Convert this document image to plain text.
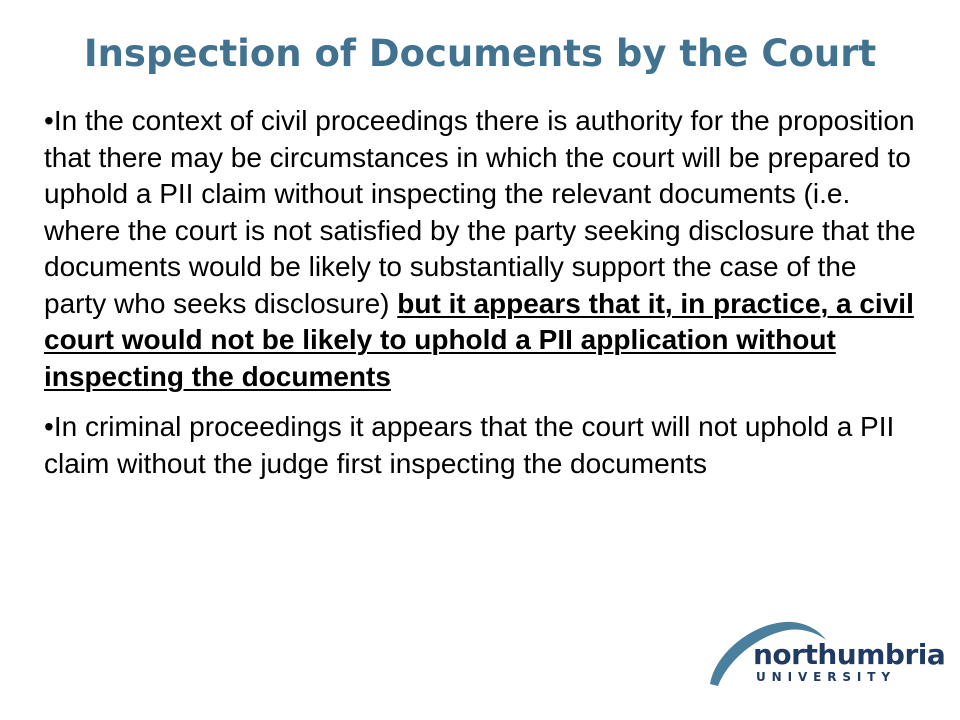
Inspection of Documents by the Court

•In the context of civil proceedings there is authority for the proposition that there may be circumstances in which the court will be prepared to uphold a PII claim without inspecting the relevant documents (i.e. where the court is not satisfied by the party seeking disclosure that the documents would be likely to substantially support the case of the party who seeks disclosure) but it appears that it, in practice, a civil court would not be likely to uphold a PII application without inspecting the documents

•In criminal proceedings it appears that the court will not uphold a PII claim without the judge first inspecting the documents

northumbria
UNIVERSITY
